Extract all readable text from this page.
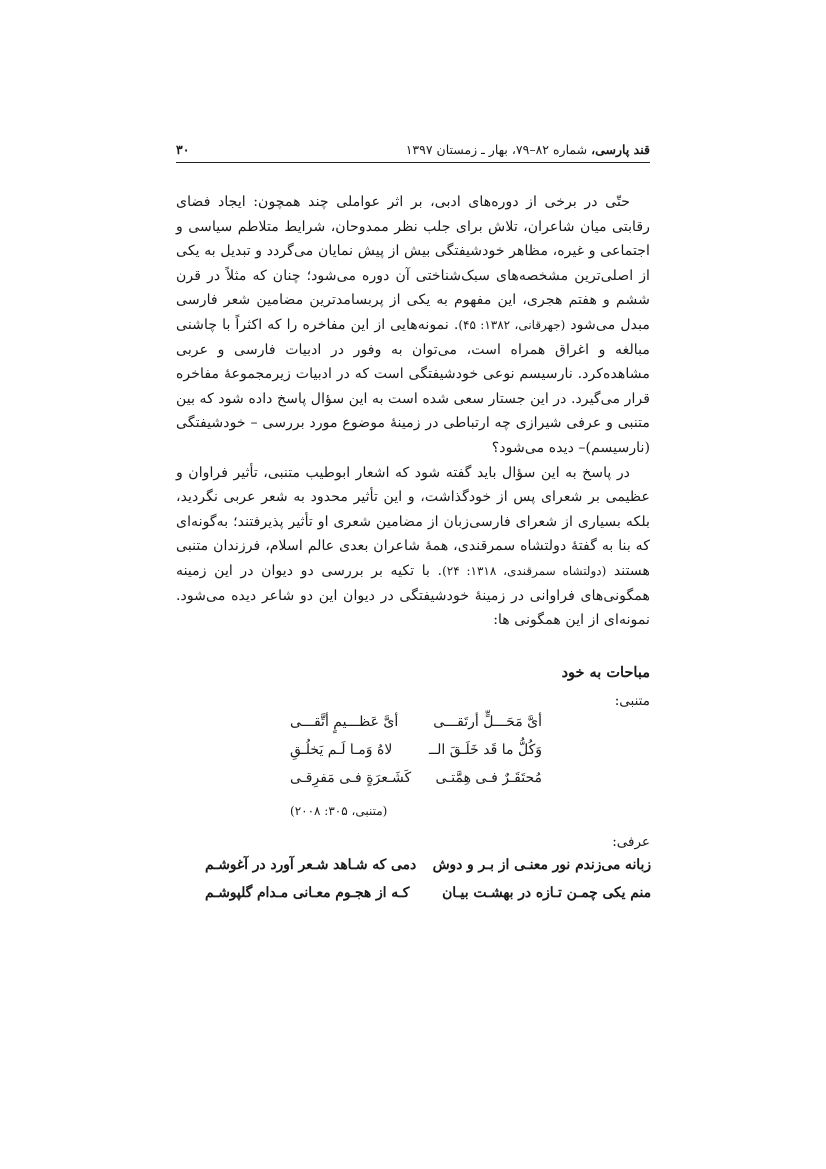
قند پارسی، شماره ۸۲–۷۹، بهار ـ زمستان ۱۳۹۷
۳۰

حتّی در برخی از دوره‌های ادبی، بر اثر عواملی چند همچون: ایجاد فضای رقابتی میان شاعران، تلاش برای جلب نظر ممدوحان، شرایط متلاطم سیاسی و اجتماعی و غیره، مظاهر خودشیفتگی بیش از پیش نمایان می‌گردد و تبدیل به یکی از اصلی‌ترین مشخصه‌های سبک‌شناختی آن دوره می‌شود؛ چنان که مثلاً در قرن ششم و هفتم هجری، این مفهوم به یکی از پربسامدترین مضامین شعر فارسی مبدل می‌شود (جهرقانی، ۱۳۸۲: ۴۵). نمونه‌هایی از این مفاخره را که اکثراً با چاشنی مبالغه و اغراق همراه است، می‌توان به وفور در ادبیات فارسی و عربی مشاهده‌کرد. نارسیسم نوعی خودشیفتگی است که در ادبیات زیرمجموعهٔ مفاخره قرار می‌گیرد. در این جستار سعی شده است به این سؤال پاسخ داده شود که بین متنبی و عرفی شیرازی چه ارتباطی در زمینهٔ موضوع مورد بررسی – خودشیفتگی (نارسیسم)– دیده می‌شود؟

در پاسخ به این سؤال باید گفته شود که اشعار ابوطیب متنبی، تأثیر فراوان و عظیمی بر شعرای پس از خودگذاشت، و این تأثیر محدود به شعر عربی نگردید، بلکه بسیاری از شعرای فارسی‌زبان از مضامین شعری او تأثیر پذیرفتند؛ به‌گونه‌ای که بنا به گفتهٔ دولتشاه سمرقندی، همهٔ شاعران بعدی عالم اسلام، فرزندان متنبی هستند (دولتشاه سمرقندی، ۱۳۱۸: ۲۴). با تکیه بر بررسی دو دیوان در این زمینه همگونی‌های فراوانی در زمینهٔ خودشیفتگی در دیوان این دو شاعر دیده می‌شود. نمونه‌ای از این همگونی ها:

مباحات به خود
متنبی:
أیَّ مَحَـــلٍّ أرتَقـــی
أیَّ عَظـــیمٍ أتَّقـــی
وَکُلُّ ما قَد خَلَـقَ الــ
لاهُ وَمـا لَـم یَخلُـقِ
مُحتَقَـرٌ فـی هِمَّتـی
کَشَـعرَةٍ فـی مَفرِقـی
(متنبی، ۳۰۵: ۲۰۰۸)
عرفی:
زبانه می‌زندم نور معنـی از بـر و دوش
دمی که شـاهد شـعر آورد در آغوشـم
منم یکی چمـن تـازه در بهشـت بیـان
کـه از هجـوم معـانی مـدام گلپوشـم
